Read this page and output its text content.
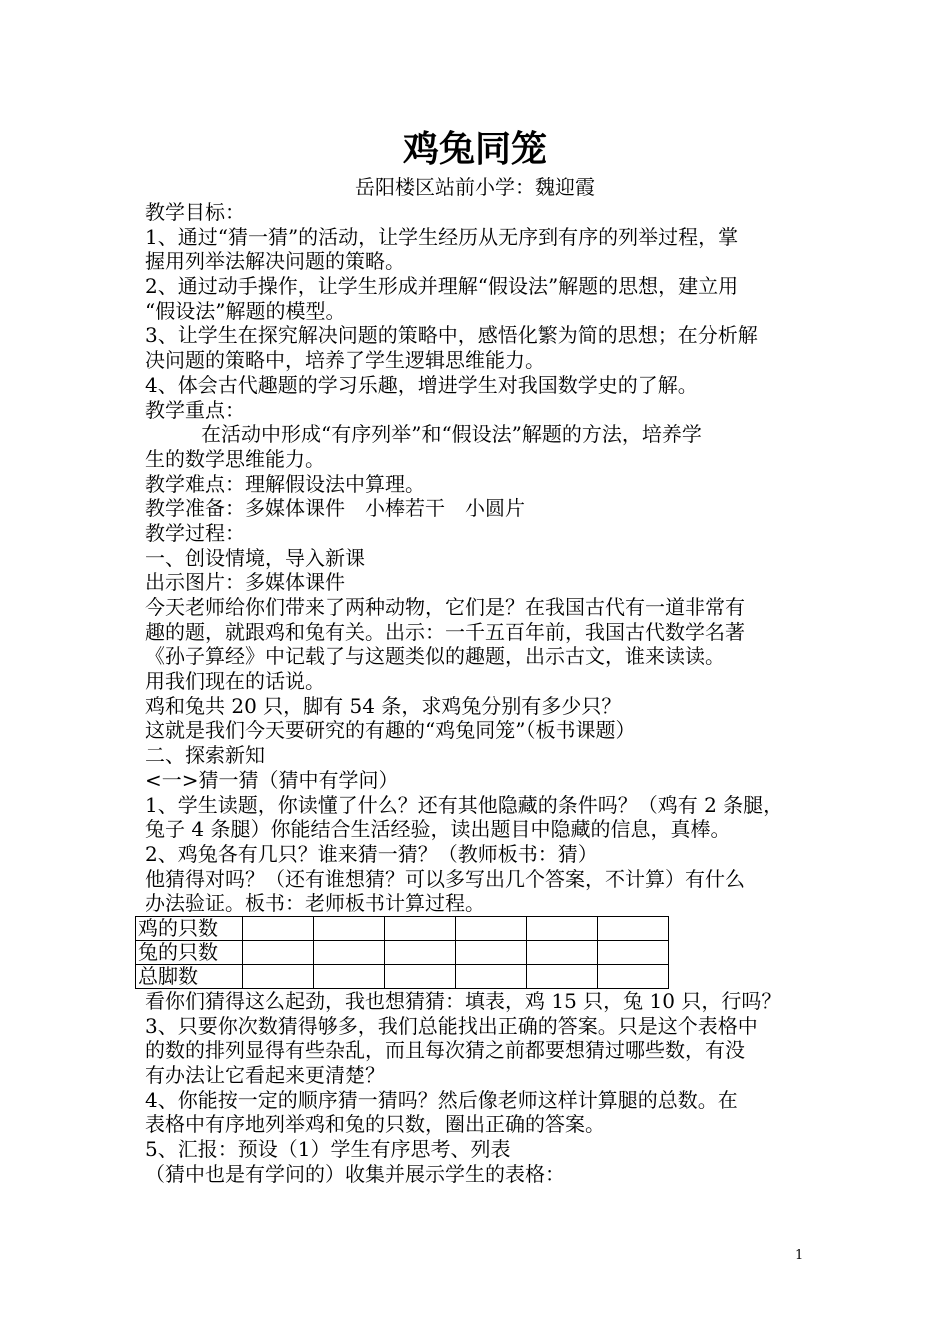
鸡兔同笼
岳阳楼区站前小学：魏迎霞
教学目标：
1、通过“猜一猜”的活动，让学生经历从无序到有序的列举过程，掌
握用列举法解决问题的策略。
2、通过动手操作，让学生形成并理解“假设法”解题的思想，建立用
“假设法”解题的模型。
3、让学生在探究解决问题的策略中，感悟化繁为简的思想；在分析解
决问题的策略中，培养了学生逻辑思维能力。
4、体会古代趣题的学习乐趣，增进学生对我国数学史的了解。
教学重点：
在活动中形成“有序列举”和“假设法”解题的方法，培养学
生的数学思维能力。
教学难点：理解假设法中算理。
教学准备：多媒体课件　小棒若干　小圆片
教学过程：
一、创设情境，导入新课
出示图片：多媒体课件
今天老师给你们带来了两种动物，它们是？在我国古代有一道非常有
趣的题，就跟鸡和兔有关。出示：一千五百年前，我国古代数学名著
《孙子算经》中记载了与这题类似的趣题，出示古文，谁来读读。
用我们现在的话说。
鸡和兔共 20 只，脚有 54 条，求鸡兔分别有多少只？
这就是我们今天要研究的有趣的“鸡兔同笼”（板书课题）
二、探索新知
<一>猜一猜（猜中有学问）
1、学生读题，你读懂了什么？还有其他隐藏的条件吗？（鸡有 2 条腿，
兔子 4 条腿）你能结合生活经验，读出题目中隐藏的信息，真棒。
2、鸡兔各有几只？谁来猜一猜？（教师板书：猜）
他猜得对吗？（还有谁想猜？可以多写出几个答案，不计算）有什么
办法验证。板书：老师板书计算过程。
鸡的只数						
兔的只数						
总脚数						
看你们猜得这么起劲，我也想猜猜：填表，鸡 15 只，兔 10 只，行吗？
3、只要你次数猜得够多，我们总能找出正确的答案。只是这个表格中
的数的排列显得有些杂乱，而且每次猜之前都要想猜过哪些数，有没
有办法让它看起来更清楚？
4、你能按一定的顺序猜一猜吗？然后像老师这样计算腿的总数。在
表格中有序地列举鸡和兔的只数，圈出正确的答案。
5、汇报：预设（1）学生有序思考、列表
（猜中也是有学问的）收集并展示学生的表格：
1
